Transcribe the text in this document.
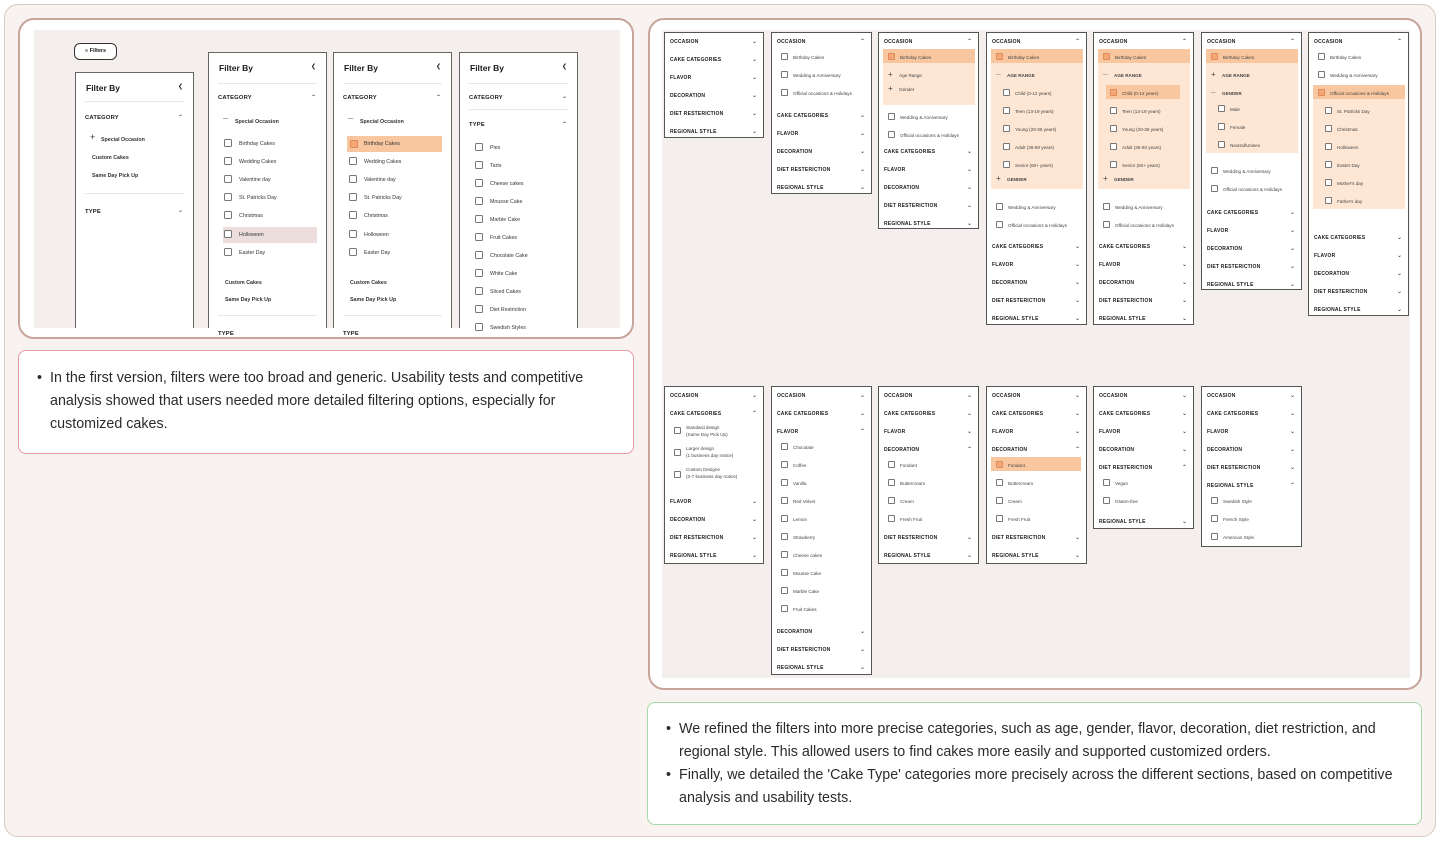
≡ Filters
Filter By	❮
CATEGORY	⌃
+ Special Occasion
Custom Cakes
Same Day Pick Up
TYPE	⌄
Filter By	❮
CATEGORY	⌃
— Special Occasion
Birthday Cakes
Wedding Cakes
Valentine day
St. Patricks Day
Christmas
Holloween
Easter Day
Custom Cakes
Same Day Pick Up
TYPE
Filter By	❮
CATEGORY	⌃
— Special Occasion
Birthday Cakes
Wedding Cakes
Valentine day
St. Patricks Day
Christmas
Holloween
Easter Day
Custom Cakes
Same Day Pick Up
TYPE
Filter By	❮
CATEGORY	⌄
TYPE	⌃
Pies
Tarts
Cheese cakes
Mousse Cake
Marble Cake
Fruit Cakes
Chocolate Cake
White Cake
Sliced Cakes
Diet Restriction
Swedish Styles
• In the first version, filters were too broad and generic. Usability tests and competitive analysis showed that users needed more detailed filtering options, especially for customized cakes.
OCCASION	⌄
CAKE CATEGORIES	⌄
FLAVOR	⌄
DECORATION	⌄
DIET RESTERICTION	⌄
REGIONAL STYLE	⌄
OCCASION	⌃
Birthday Cakes
Wedding & Anniversary
Official occasions & Holidays
CAKE CATEGORIES	⌄
FLAVOR	⌄
DECORATION	⌄
DIET RESTERICTION	⌄
REGIONAL STYLE	⌄
OCCASION	⌃
Birthday Cakes
+ Age Range
+ Gender
Wedding & Anniversary
Official occasions & Holidays
CAKE CATEGORIES	⌄
FLAVOR	⌄
DECORATION	⌄
DIET RESTERICTION	⌄
REGIONAL STYLE	⌄
OCCASION	⌃
Birthday Cakes
— AGE RANGE
Child (0-12 years)
Teen (13-19 years)
Young (20-35 years)
Adult (36-60 years)
Senior (60+ years)
+ GENDER
Wedding & Anniversary
Official occasions & Holidays
CAKE CATEGORIES	⌄
FLAVOR	⌄
DECORATION	⌄
DIET RESTERICTION	⌄
REGIONAL STYLE	⌄
OCCASION	⌃
Birthday Cakes
— AGE RANGE
Child (0-12 years)
Teen (13-19 years)
Young (20-35 years)
Adult (36-60 years)
Senior (60+ years)
+ GENDER
Wedding & Anniversary
Official occasions & Holidays
CAKE CATEGORIES	⌄
FLAVOR	⌄
DECORATION	⌄
DIET RESTERICTION	⌄
REGIONAL STYLE	⌄
OCCASION	⌃
Birthday Cakes
+ AGE RANGE
— GENDER
Male
Female
Neutral/Unisex
Wedding & Anniversary
Official occasions & Holidays
CAKE CATEGORIES	⌄
FLAVOR	⌄
DECORATION	⌄
DIET RESTERICTION	⌄
REGIONAL STYLE	⌄
OCCASION	⌃
Birthday Cakes
Wedding & Anniversary
Official occasions & Holidays
St. Patricks Day
Christmas
Holloween
Easter Day
Mother's day
Father's day
CAKE CATEGORIES	⌄
FLAVOR	⌄
DECORATION	⌄
DIET RESTERICTION	⌄
REGIONAL STYLE	⌄
OCCASION	⌄
CAKE CATEGORIES	⌃
Standard design
(Same Day Pick Up)
Larger design
(1 business day notice)
Custom Designe
(3-7 business day notice)
FLAVOR	⌄
DECORATION	⌄
DIET RESTERICTION	⌄
REGIONAL STYLE	⌄
OCCASION	⌄
CAKE CATEGORIES	⌄
FLAVOR	⌃
Chocolate
Coffee
Vanilla
Red Velvet
Lemon
Strawberry
Cheese cakes
Mousse Cake
Marble Cake
Fruit Cakes
DECORATION	⌄
DIET RESTERICTION	⌄
REGIONAL STYLE	⌄
OCCASION	⌄
CAKE CATEGORIES	⌄
FLAVOR	⌄
DECORATION	⌃
Fondant
Buttercream
Cream
Fresh Fruit
DIET RESTERICTION	⌄
REGIONAL STYLE	⌄
OCCASION	⌄
CAKE CATEGORIES	⌄
FLAVOR	⌄
DECORATION	⌃
Fondant
Buttercream
Cream
Fresh Fruit
DIET RESTERICTION	⌄
REGIONAL STYLE	⌄
OCCASION	⌄
CAKE CATEGORIES	⌄
FLAVOR	⌄
DECORATION	⌄
DIET RESTERICTION	⌃
Vegan
Gluten-free
REGIONAL STYLE	⌄
OCCASION	⌄
CAKE CATEGORIES	⌄
FLAVOR	⌄
DECORATION	⌄
DIET RESTERICTION	⌄
REGIONAL STYLE	⌃
Swedish Style
French Style
American Style
• We refined the filters into more precise categories, such as age, gender, flavor, decoration, diet restriction, and regional style. This allowed users to find cakes more easily and supported customized orders.
• Finally, we detailed the 'Cake Type' categories more precisely across the different sections, based on competitive analysis and usability tests.
